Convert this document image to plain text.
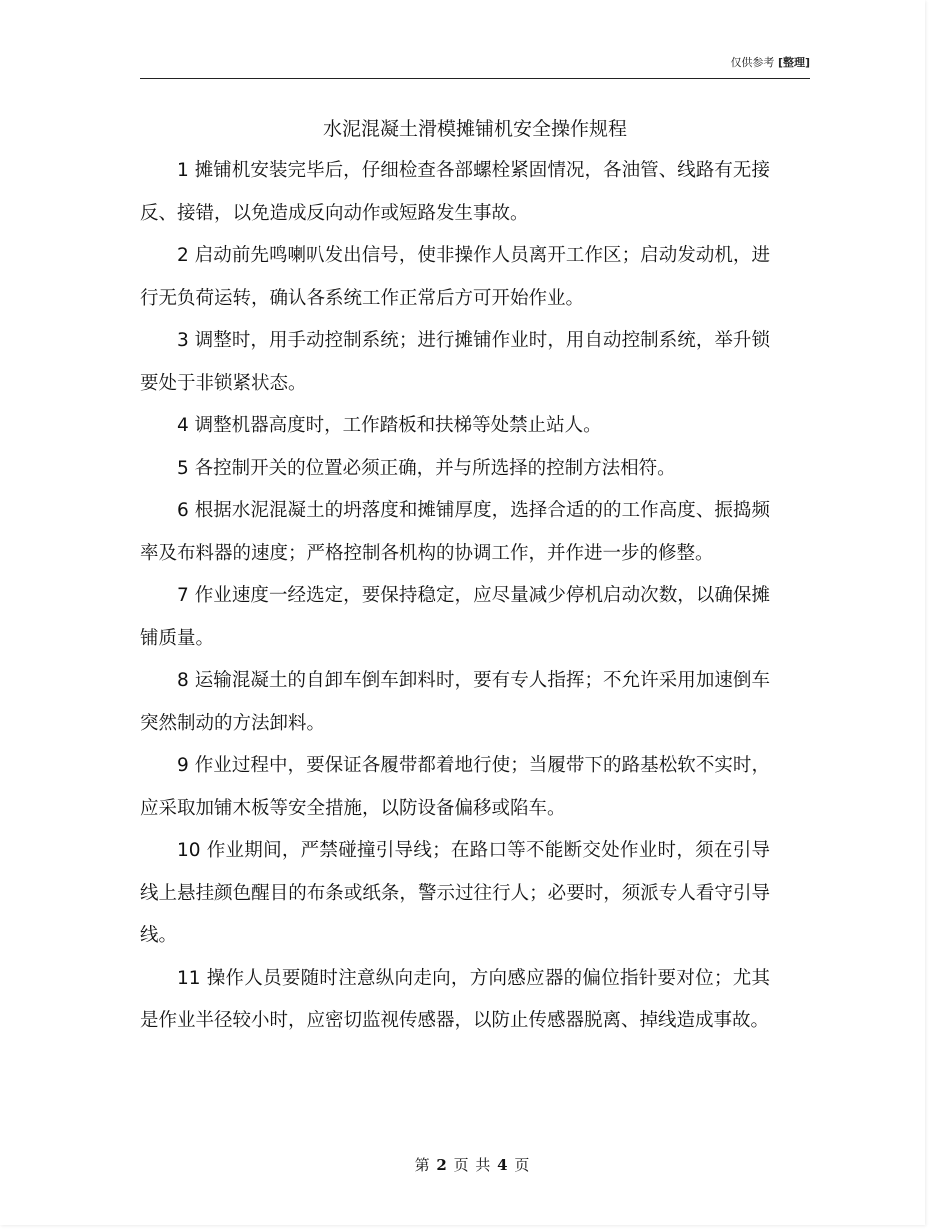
仅供参考 [整理]
水泥混凝土滑模摊铺机安全操作规程

1 摊铺机安装完毕后，仔细检查各部螺栓紧固情况，各油管、线路有无接反、接错，以免造成反向动作或短路发生事故。

2 启动前先鸣喇叭发出信号，使非操作人员离开工作区；启动发动机，进行无负荷运转，确认各系统工作正常后方可开始作业。

3 调整时，用手动控制系统；进行摊铺作业时，用自动控制系统，举升锁要处于非锁紧状态。

4 调整机器高度时，工作踏板和扶梯等处禁止站人。

5 各控制开关的位置必须正确，并与所选择的控制方法相符。

6 根据水泥混凝土的坍落度和摊铺厚度，选择合适的的工作高度、振捣频率及布料器的速度；严格控制各机构的协调工作，并作进一步的修整。

7 作业速度一经选定，要保持稳定，应尽量减少停机启动次数，以确保摊铺质量。

8 运输混凝土的自卸车倒车卸料时，要有专人指挥；不允许采用加速倒车突然制动的方法卸料。

9 作业过程中，要保证各履带都着地行使；当履带下的路基松软不实时，应采取加铺木板等安全措施，以防设备偏移或陷车。

10 作业期间，严禁碰撞引导线；在路口等不能断交处作业时，须在引导线上悬挂颜色醒目的布条或纸条，警示过往行人；必要时，须派专人看守引导线。

11 操作人员要随时注意纵向走向，方向感应器的偏位指针要对位；尤其是作业半径较小时，应密切监视传感器，以防止传感器脱离、掉线造成事故。

第 2 页 共 4 页
